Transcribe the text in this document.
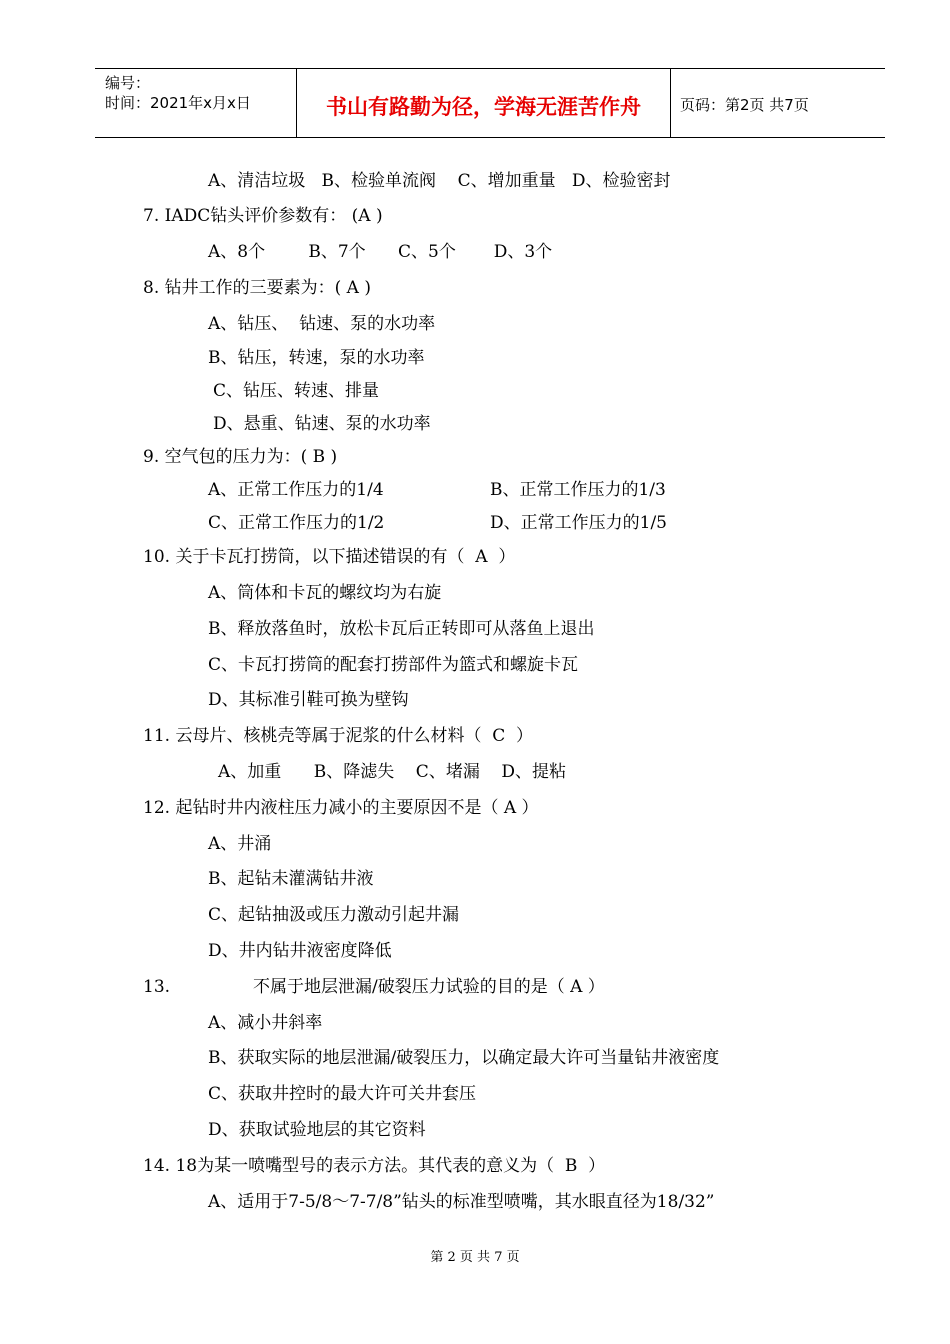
编号：
时间：2021年x月x日	书山有路勤为径，学海无涯苦作舟	页码：第2页 共7页
A、清洁垃圾   B、检验单流阀    C、增加重量   D、检验密封
7. IADC钻头评价参数有： (A )
A、8个        B、7个      C、5个       D、3个
8. 钻井工作的三要素为：( A )
A、钻压、  钻速、泵的水功率
B、钻压，转速，泵的水功率
C、钻压、转速、排量
D、悬重、钻速、泵的水功率
9. 空气包的压力为：( B )
A、正常工作压力的1/4	B、正常工作压力的1/3
C、正常工作压力的1/2	D、正常工作压力的1/5
10. 关于卡瓦打捞筒，以下描述错误的有（  A  ）
A、筒体和卡瓦的螺纹均为右旋
B、释放落鱼时，放松卡瓦后正转即可从落鱼上退出
C、卡瓦打捞筒的配套打捞部件为篮式和螺旋卡瓦
D、其标准引鞋可换为壁钩
11. 云母片、核桃壳等属于泥浆的什么材料（  C  ）
A、加重      B、降滤失    C、堵漏    D、提粘
12. 起钻时井内液柱压力减小的主要原因不是（ A ）
A、井涌
B、起钻未灌满钻井液
C、起钻抽汲或压力激动引起井漏
D、井内钻井液密度降低
13.	不属于地层泄漏/破裂压力试验的目的是（ A ）
A、减小井斜率
B、获取实际的地层泄漏/破裂压力，以确定最大许可当量钻井液密度
C、获取井控时的最大许可关井套压
D、获取试验地层的其它资料
14. 18为某一喷嘴型号的表示方法。其代表的意义为（  B  ）
A、适用于7-5/8～7-7/8”钻头的标准型喷嘴，其水眼直径为18/32”
第 2 页 共 7 页
